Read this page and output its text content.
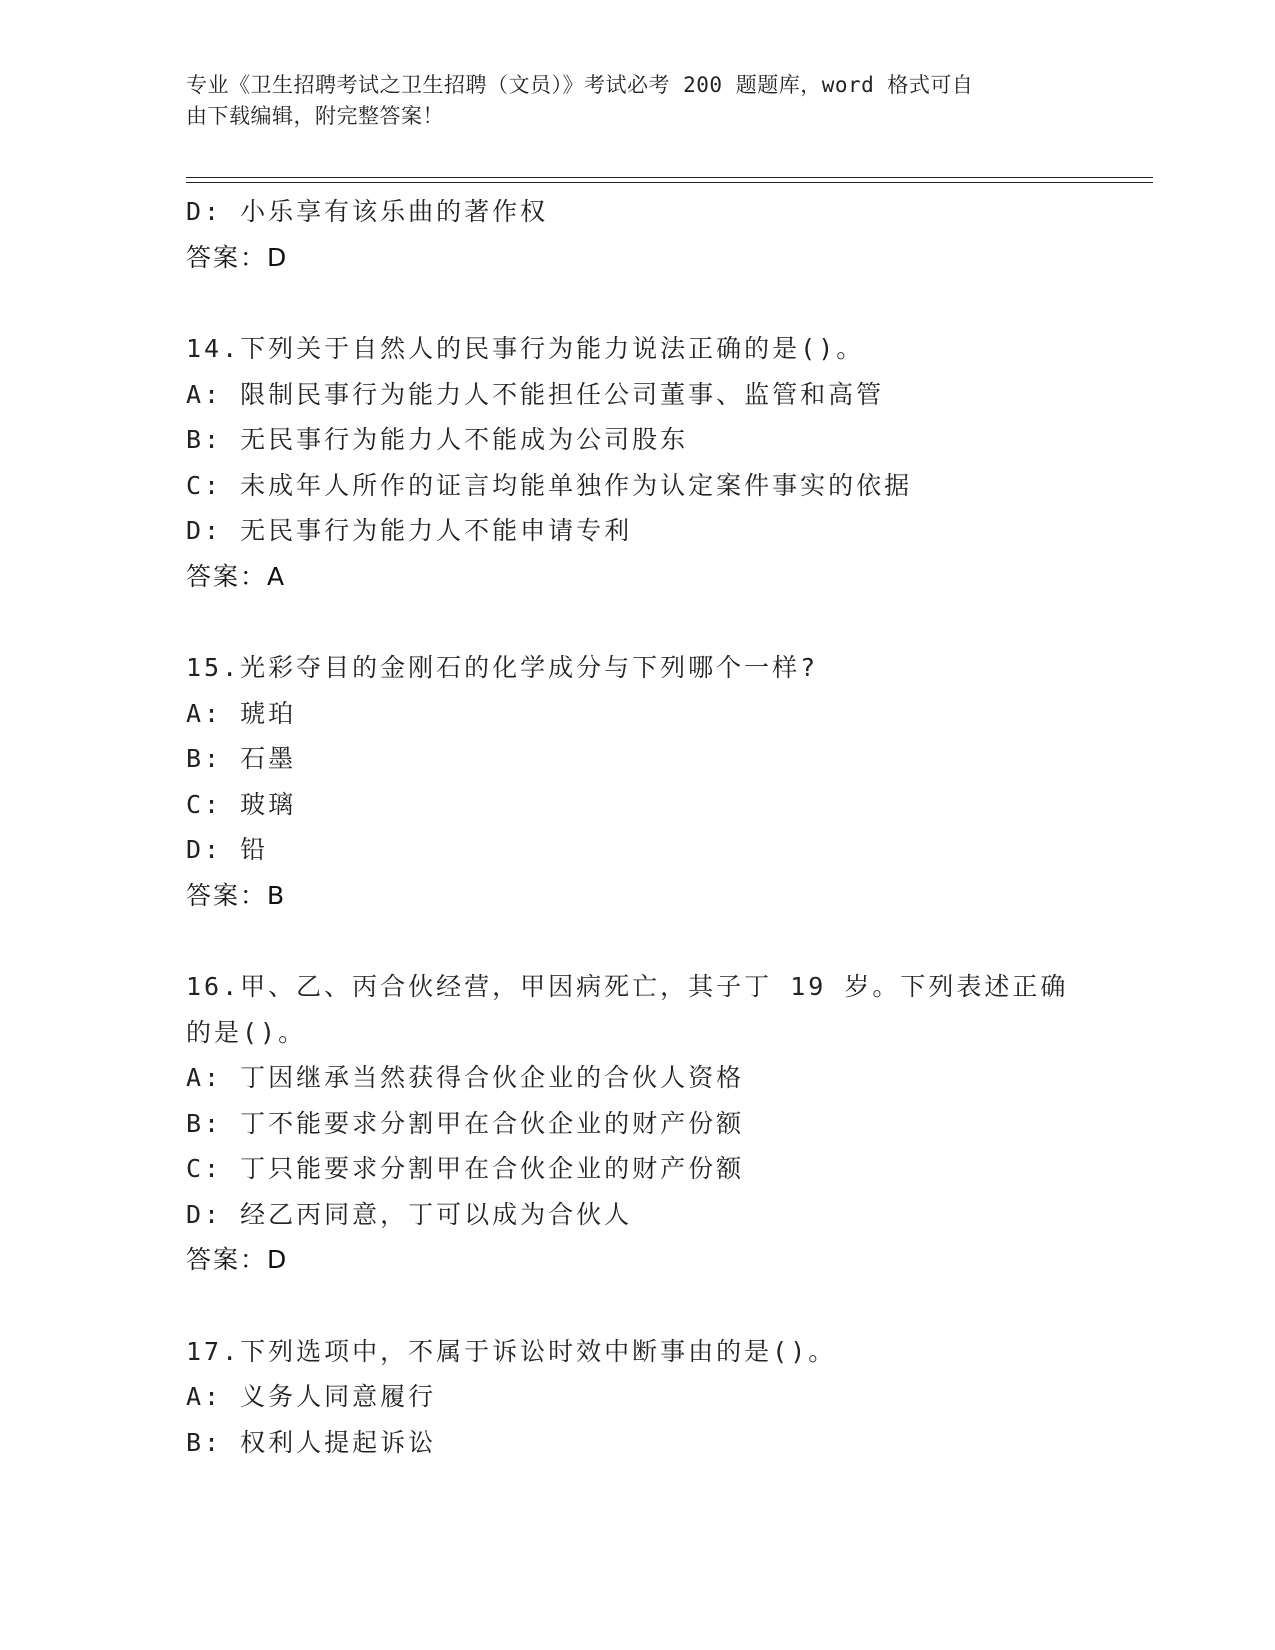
专业《卫生招聘考试之卫生招聘（文员）》考试必考 200 题题库，word 格式可自
由下载编辑，附完整答案！
D: 小乐享有该乐曲的著作权
答案：D
14.下列关于自然人的民事行为能力说法正确的是()。
A: 限制民事行为能力人不能担任公司董事、监管和高管
B: 无民事行为能力人不能成为公司股东
C: 未成年人所作的证言均能单独作为认定案件事实的依据
D: 无民事行为能力人不能申请专利
答案：A
15.光彩夺目的金刚石的化学成分与下列哪个一样?
A: 琥珀
B: 石墨
C: 玻璃
D: 铅
答案：B
16.甲、乙、丙合伙经营，甲因病死亡，其子丁 19 岁。下列表述正确
的是()。
A: 丁因继承当然获得合伙企业的合伙人资格
B: 丁不能要求分割甲在合伙企业的财产份额
C: 丁只能要求分割甲在合伙企业的财产份额
D: 经乙丙同意，丁可以成为合伙人
答案：D
17.下列选项中，不属于诉讼时效中断事由的是()。
A: 义务人同意履行
B: 权利人提起诉讼
